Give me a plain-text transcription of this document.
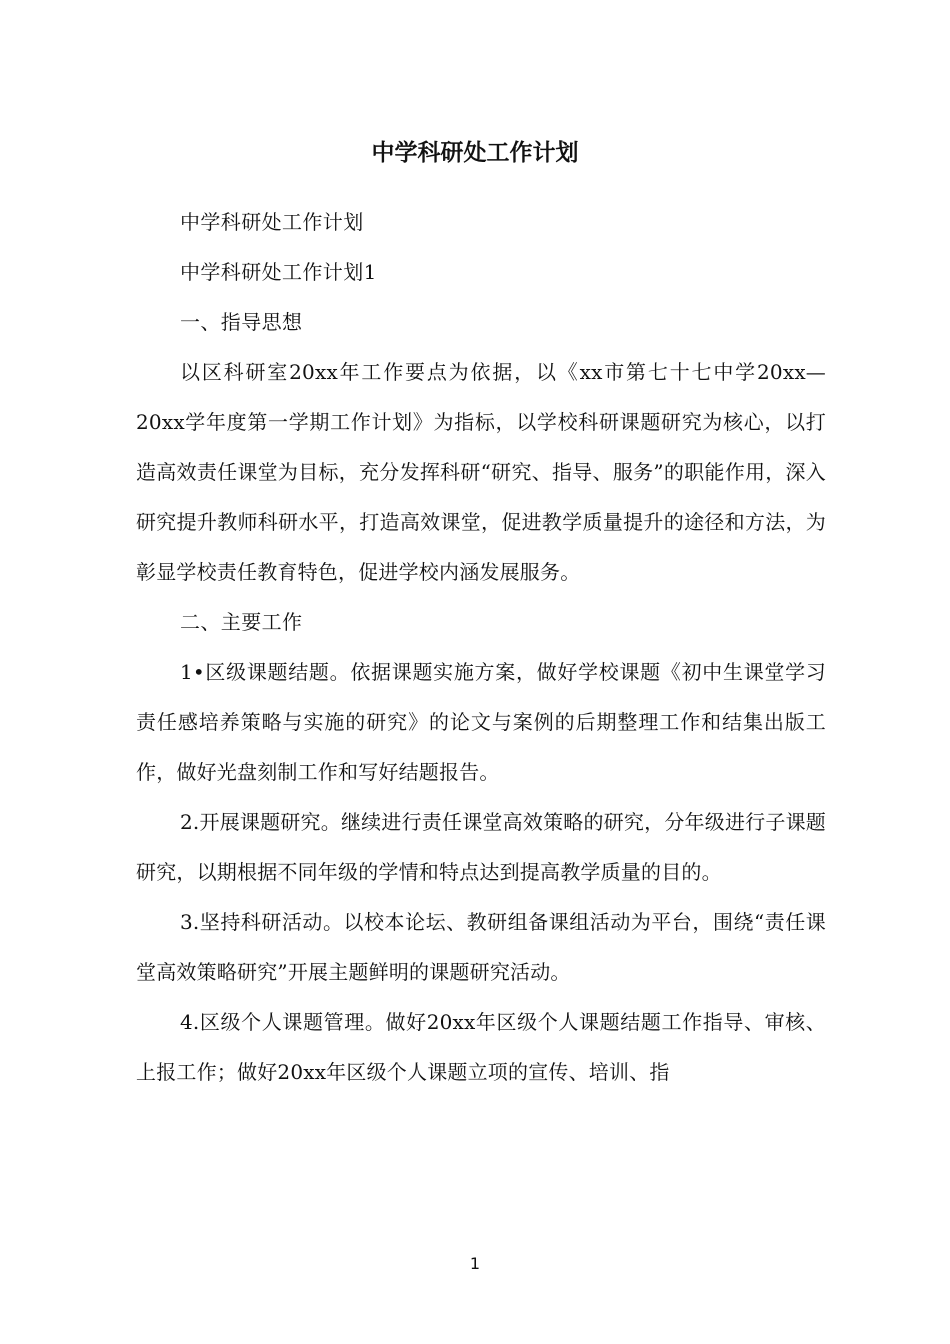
中学科研处工作计划

中学科研处工作计划

中学科研处工作计划1

一、指导思想

以区科研室20xx年工作要点为依据，以《xx市第七十七中学20xx—20xx学年度第一学期工作计划》为指标，以学校科研课题研究为核心，以打造高效责任课堂为目标，充分发挥科研“研究、指导、服务”的职能作用，深入研究提升教师科研水平，打造高效课堂，促进教学质量提升的途径和方法，为彰显学校责任教育特色，促进学校内涵发展服务。

二、主要工作

1•区级课题结题。依据课题实施方案，做好学校课题《初中生课堂学习责任感培养策略与实施的研究》的论文与案例的后期整理工作和结集出版工作，做好光盘刻制工作和写好结题报告。

2.开展课题研究。继续进行责任课堂高效策略的研究，分年级进行子课题研究，以期根据不同年级的学情和特点达到提高教学质量的目的。

3.坚持科研活动。以校本论坛、教研组备课组活动为平台，围绕“责任课堂高效策略研究”开展主题鲜明的课题研究活动。

4.区级个人课题管理。做好20xx年区级个人课题结题工作指导、审核、上报工作；做好20xx年区级个人课题立项的宣传、培训、指

1
